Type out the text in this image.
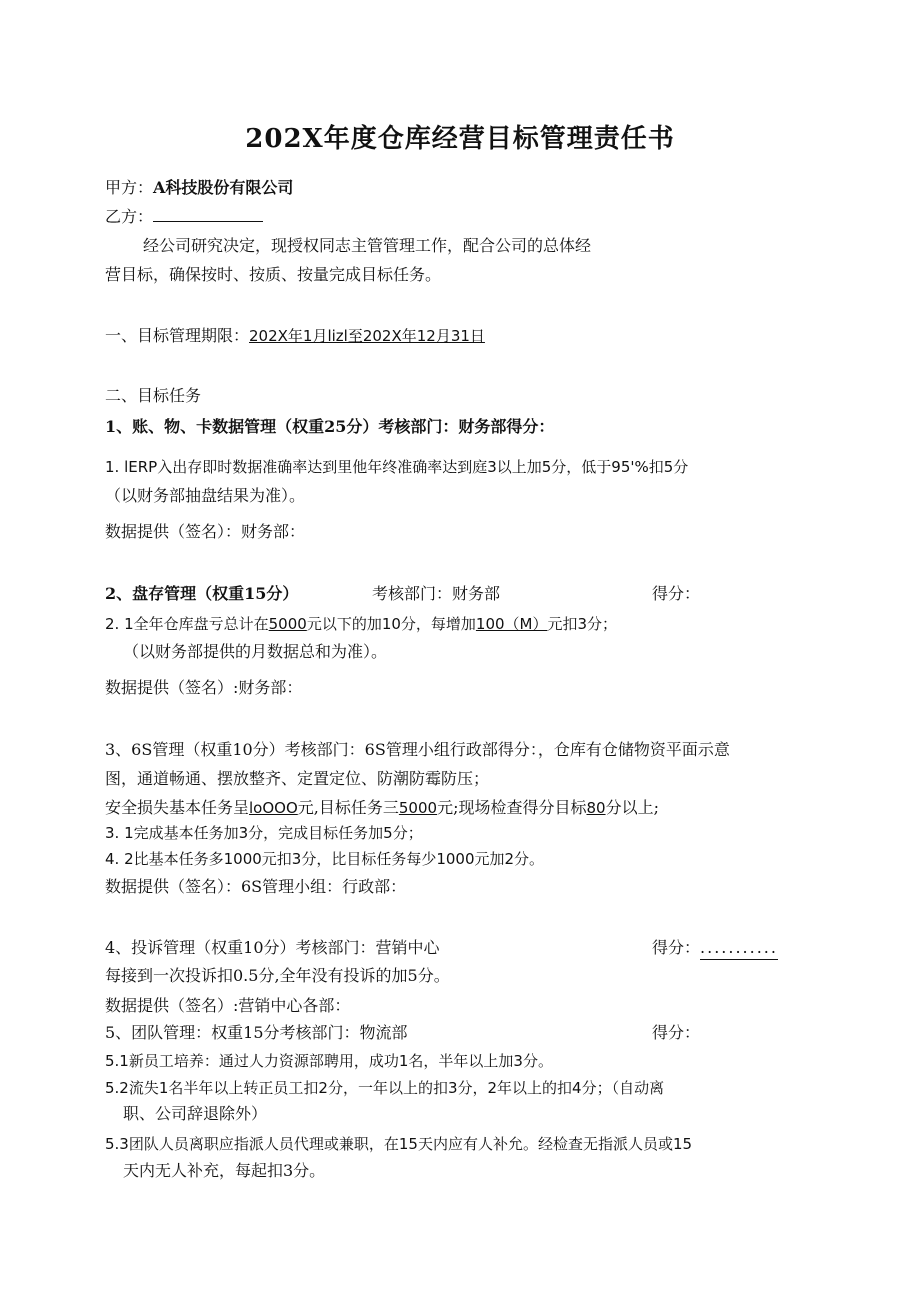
202X年度仓库经营目标管理责任书
甲方：A科技股份有限公司
乙方：
经公司研究决定，现授权同志主管管理工作，配合公司的总体经
营目标，确保按时、按质、按量完成目标任务。
一、目标管理期限：202X年1月lizl至202X年12月31日
二、目标任务
1、账、物、卡数据管理（权重25分）考核部门：财务部得分：
1. lERP入出存即时数据准确率达到里他年终准确率达到庭3以上加5分，低于95'%扣5分
（以财务部抽盘结果为准）。
数据提供（签名）：财务部：
2、盘存管理（权重15分）	考核部门：财务部	得分：
2. 1全年仓库盘亏总计在5000元以下的加10分，每增加100（M）元扣3分；
（以财务部提供的月数据总和为准）。
数据提供（签名）:财务部：
3、6S管理（权重10分）考核部门：6S管理小组行政部得分：，仓库有仓储物资平面示意
图，通道畅通、摆放整齐、定置定位、防潮防霉防压；
安全损失基本任务呈loOOO元,目标任务三5000元;现场检查得分目标80分以上;
3. 1完成基本任务加3分，完成目标任务加5分；
4. 2比基本任务多1000元扣3分，比目标任务每少1000元加2分。
数据提供（签名）：6S管理小组：行政部：
4、投诉管理（权重10分）考核部门：营销中心	得分：...........
每接到一次投诉扣0.5分,全年没有投诉的加5分。
数据提供（签名）:营销中心各部：
5、团队管理：权重15分考核部门：物流部	得分：
5.1新员工培养：通过人力资源部聘用，成功1名，半年以上加3分。
5.2流失1名半年以上转正员工扣2分，一年以上的扣3分，2年以上的扣4分；（自动离
职、公司辞退除外）
5.3团队人员离职应指派人员代理或兼职，在15天内应有人补允。经检查无指派人员或15
天内无人补充，每起扣3分。
